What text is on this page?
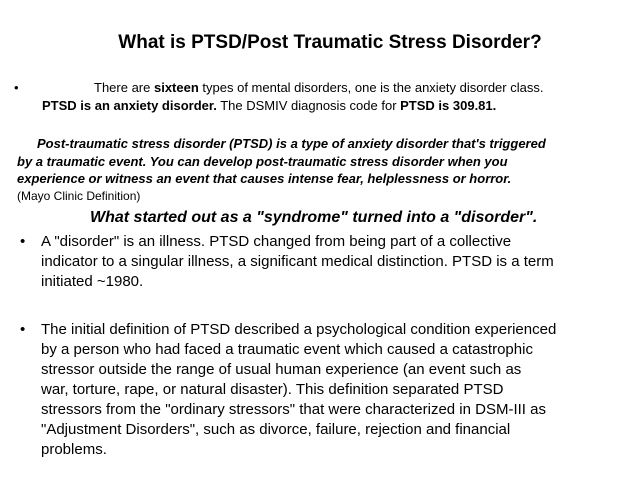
What is PTSD/Post Traumatic Stress Disorder?
•	There are sixteen types of mental disorders, one is the anxiety disorder class.
PTSD is an anxiety disorder. The DSMIV diagnosis code for PTSD is 309.81.
Post-traumatic stress disorder (PTSD) is a type of anxiety disorder that's triggered
by a traumatic event. You can develop post-traumatic stress disorder when you
experience or witness an event that causes intense fear, helplessness or horror.
(Mayo Clinic Definition)
What started out as a "syndrome" turned into a "disorder".
• A "disorder" is an illness. PTSD changed from being part of a collective
indicator to a singular illness, a significant medical distinction. PTSD is a term
initiated ~1980.
• The initial definition of PTSD described a psychological condition experienced
by a person who had faced a traumatic event which caused a catastrophic
stressor outside the range of usual human experience (an event such as
war, torture, rape, or natural disaster). This definition separated PTSD
stressors from the "ordinary stressors" that were characterized in DSM-III as
"Adjustment Disorders", such as divorce, failure, rejection and financial
problems.
